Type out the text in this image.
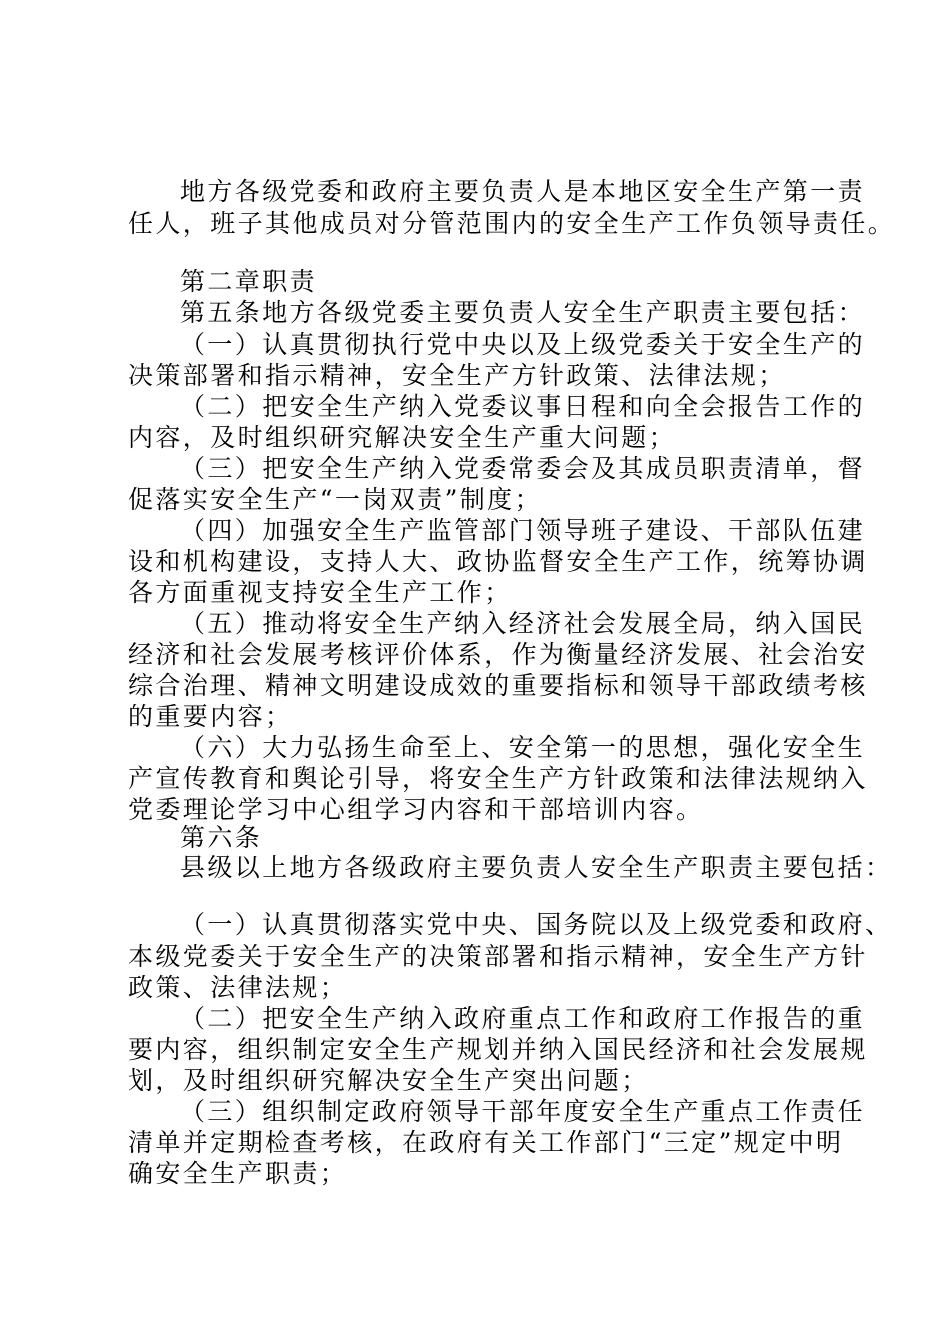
地方各级党委和政府主要负责人是本地区安全生产第一责
任人，班子其他成员对分管范围内的安全生产工作负领导责任。
第二章职责
第五条地方各级党委主要负责人安全生产职责主要包括：
（一）认真贯彻执行党中央以及上级党委关于安全生产的
决策部署和指示精神，安全生产方针政策、法律法规；
（二）把安全生产纳入党委议事日程和向全会报告工作的
内容，及时组织研究解决安全生产重大问题；
（三）把安全生产纳入党委常委会及其成员职责清单，督
促落实安全生产“一岗双责”制度；
（四）加强安全生产监管部门领导班子建设、干部队伍建
设和机构建设，支持人大、政协监督安全生产工作，统筹协调
各方面重视支持安全生产工作；
（五）推动将安全生产纳入经济社会发展全局，纳入国民
经济和社会发展考核评价体系，作为衡量经济发展、社会治安
综合治理、精神文明建设成效的重要指标和领导干部政绩考核
的重要内容；
（六）大力弘扬生命至上、安全第一的思想，强化安全生
产宣传教育和舆论引导，将安全生产方针政策和法律法规纳入
党委理论学习中心组学习内容和干部培训内容。
第六条
县级以上地方各级政府主要负责人安全生产职责主要包括：
（一）认真贯彻落实党中央、国务院以及上级党委和政府、
本级党委关于安全生产的决策部署和指示精神，安全生产方针
政策、法律法规；
（二）把安全生产纳入政府重点工作和政府工作报告的重
要内容，组织制定安全生产规划并纳入国民经济和社会发展规
划，及时组织研究解决安全生产突出问题；
（三）组织制定政府领导干部年度安全生产重点工作责任
清单并定期检查考核，在政府有关工作部门“三定”规定中明
确安全生产职责；
